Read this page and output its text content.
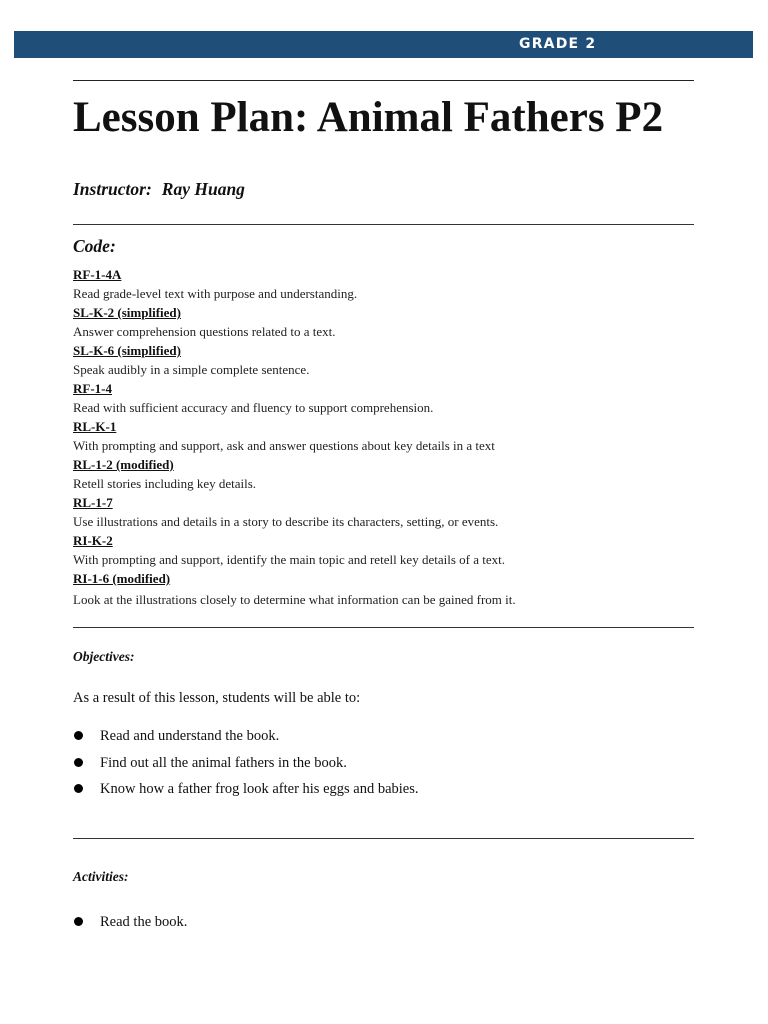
GRADE 2
Lesson Plan: Animal Fathers P2
Instructor: Ray Huang
Code:
RF-1-4A
Read grade-level text with purpose and understanding.
SL-K-2 (simplified)
Answer comprehension questions related to a text.
SL-K-6 (simplified)
Speak audibly in a simple complete sentence.
RF-1-4
Read with sufficient accuracy and fluency to support comprehension.
RL-K-1
With prompting and support, ask and answer questions about key details in a text
RL-1-2 (modified)
Retell stories including key details.
RL-1-7
Use illustrations and details in a story to describe its characters, setting, or events.
RI-K-2
With prompting and support, identify the main topic and retell key details of a text.
RI-1-6 (modified)
Look at the illustrations closely to determine what information can be gained from it.
Objectives:
As a result of this lesson, students will be able to:
Read and understand the book.
Find out all the animal fathers in the book.
Know how a father frog look after his eggs and babies.
Activities:
Read the book.
